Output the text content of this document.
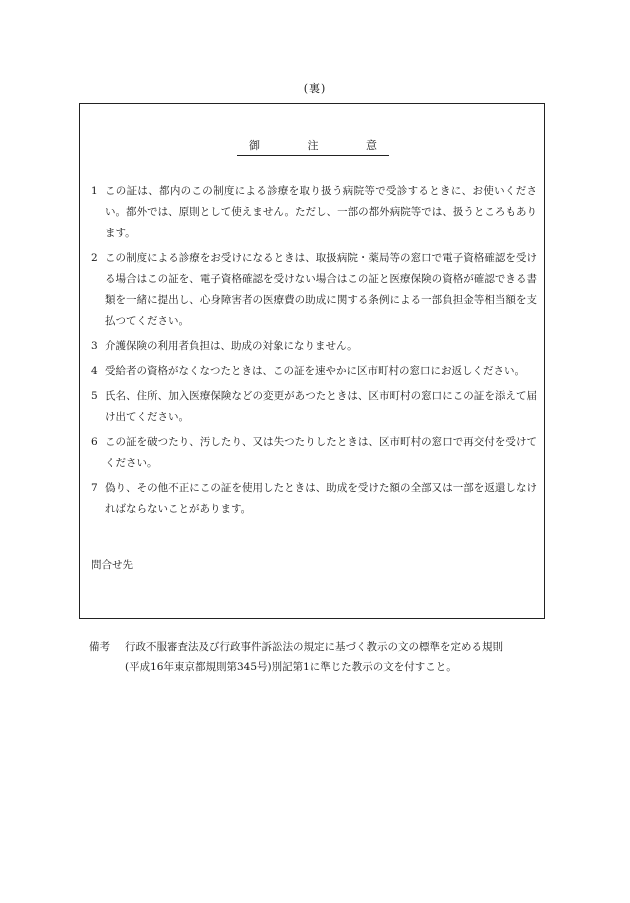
(裏)
御	注	意
1 この証は、都内のこの制度による診療を取り扱う病院等で受診するときに、お使いください。都外では、原則として使えません。ただし、一部の都外病院等では、扱うところもあります。
2 この制度による診療をお受けになるときは、取扱病院・薬局等の窓口で電子資格確認を受ける場合はこの証を、電子資格確認を受けない場合はこの証と医療保険の資格が確認できる書類を一緒に提出し、心身障害者の医療費の助成に関する条例による一部負担金等相当額を支払つてください。
3 介護保険の利用者負担は、助成の対象になりません。
4 受給者の資格がなくなつたときは、この証を速やかに区市町村の窓口にお返しください。
5 氏名、住所、加入医療保険などの変更があつたときは、区市町村の窓口にこの証を添えて届け出てください。
6 この証を破つたり、汚したり、又は失つたりしたときは、区市町村の窓口で再交付を受けてください。
7 偽り、その他不正にこの証を使用したときは、助成を受けた額の全部又は一部を返還しなければならないことがあります。
問合せ先
備考	行政不服審査法及び行政事件訴訟法の規定に基づく教示の文の標準を定める規則
(平成16年東京都規則第345号)別記第1に準じた教示の文を付すこと。
